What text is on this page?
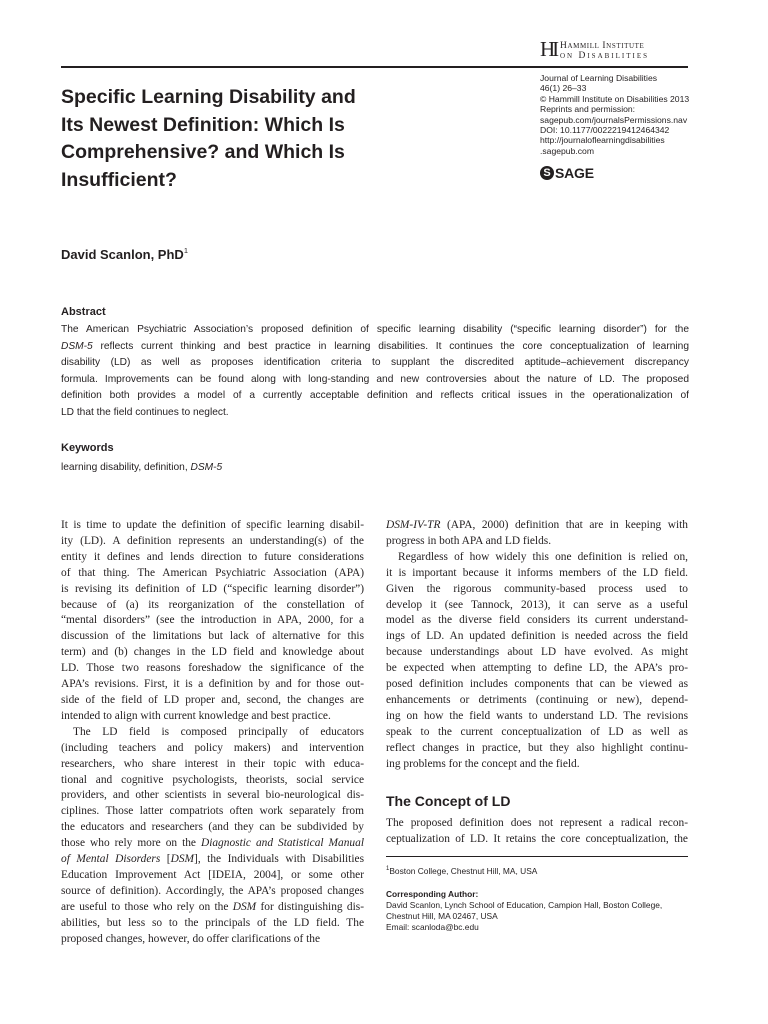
HI Hammill Institute
on Disabilities
Specific Learning Disability and
Its Newest Definition: Which Is
Comprehensive? and Which Is
Insufficient?
Journal of Learning Disabilities
46(1) 26–33
© Hammill Institute on Disabilities 2013
Reprints and permission:
sagepub.com/journalsPermissions.nav
DOI: 10.1177/0022219412464342
http://journaloflearningdisabilities
.sagepub.com
S SAGE
David Scanlon, PhD$^1$
Abstract
The American Psychiatric Association’s proposed definition of specific learning disability (“specific learning disorder”) for the
DSM-5 reflects current thinking and best practice in learning disabilities. It continues the core conceptualization of learning
disability (LD) as well as proposes identification criteria to supplant the discredited aptitude–achievement discrepancy
formula. Improvements can be found along with long-standing and new controversies about the nature of LD. The proposed
definition both provides a model of a currently acceptable definition and reflects critical issues in the operationalization of
LD that the field continues to neglect.
Keywords
learning disability, definition, DSM-5
It is time to update the definition of specific learning disabil-
ity (LD). A definition represents an understanding(s) of the
entity it defines and lends direction to future considerations
of that thing. The American Psychiatric Association (APA)
is revising its definition of LD (“specific learning disorder”)
because of (a) its reorganization of the constellation of
“mental disorders” (see the introduction in APA, 2000, for a
discussion of the limitations but lack of alternative for this
term) and (b) changes in the LD field and knowledge about
LD. Those two reasons foreshadow the significance of the
APA’s revisions. First, it is a definition by and for those out-
side of the field of LD proper and, second, the changes are
intended to align with current knowledge and best practice.
The LD field is composed principally of educators
(including teachers and policy makers) and intervention
researchers, who share interest in their topic with educa-
tional and cognitive psychologists, theorists, social service
providers, and other scientists in several bio-neurological dis-
ciplines. Those latter compatriots often work separately from
the educators and researchers (and they can be subdivided by
those who rely more on the Diagnostic and Statistical Manual
of Mental Disorders [DSM], the Individuals with Disabilities
Education Improvement Act [IDEIA, 2004], or some other
source of definition). Accordingly, the APA’s proposed changes
are useful to those who rely on the DSM for distinguishing dis-
abilities, but less so to the principals of the LD field. The
proposed changes, however, do offer clarifications of the
DSM-IV-TR (APA, 2000) definition that are in keeping with
progress in both APA and LD fields.
Regardless of how widely this one definition is relied on,
it is important because it informs members of the LD field.
Given the rigorous community-based process used to
develop it (see Tannock, 2013), it can serve as a useful
model as the diverse field considers its current understand-
ings of LD. An updated definition is needed across the field
because understandings about LD have evolved. As might
be expected when attempting to define LD, the APA’s pro-
posed definition includes components that can be viewed as
enhancements or detriments (continuing or new), depend-
ing on how the field wants to understand LD. The revisions
speak to the current conceptualization of LD as well as
reflect changes in practice, but they also highlight continu-
ing problems for the concept and the field.
The Concept of LD
The proposed definition does not represent a radical recon-
ceptualization of LD. It retains the core conceptualization, the
$^1$Boston College, Chestnut Hill, MA, USA
Corresponding Author:
David Scanlon, Lynch School of Education, Campion Hall, Boston College,
Chestnut Hill, MA 02467, USA
Email: scanloda@bc.edu
